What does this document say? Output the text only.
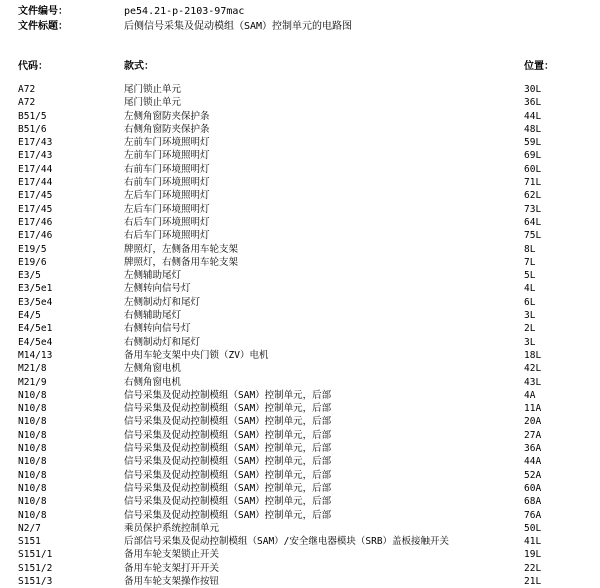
文件编号：	pe54.21-p-2103-97mac
文件标题：	后侧信号采集及促动模组（SAM）控制单元的电路图
代码：	款式：	位置：
A72	尾门锁止单元	30L
A72	尾门锁止单元	36L
B51/5	左侧角窗防夹保护条	44L
B51/6	右侧角窗防夹保护条	48L
E17/43	左前车门环境照明灯	59L
E17/43	左前车门环境照明灯	69L
E17/44	右前车门环境照明灯	60L
E17/44	右前车门环境照明灯	71L
E17/45	左后车门环境照明灯	62L
E17/45	左后车门环境照明灯	73L
E17/46	右后车门环境照明灯	64L
E17/46	右后车门环境照明灯	75L
E19/5	牌照灯，左侧备用车轮支架	8L
E19/6	牌照灯，右侧备用车轮支架	7L
E3/5	左侧辅助尾灯	5L
E3/5e1	左侧转向信号灯	4L
E3/5e4	左侧制动灯和尾灯	6L
E4/5	右侧辅助尾灯	3L
E4/5e1	右侧转向信号灯	2L
E4/5e4	右侧制动灯和尾灯	3L
M14/13	备用车轮支架中央门锁（ZV）电机	18L
M21/8	左侧角窗电机	42L
M21/9	右侧角窗电机	43L
N10/8	信号采集及促动控制模组（SAM）控制单元，后部	4A
N10/8	信号采集及促动控制模组（SAM）控制单元，后部	11A
N10/8	信号采集及促动控制模组（SAM）控制单元，后部	20A
N10/8	信号采集及促动控制模组（SAM）控制单元，后部	27A
N10/8	信号采集及促动控制模组（SAM）控制单元，后部	36A
N10/8	信号采集及促动控制模组（SAM）控制单元，后部	44A
N10/8	信号采集及促动控制模组（SAM）控制单元，后部	52A
N10/8	信号采集及促动控制模组（SAM）控制单元，后部	60A
N10/8	信号采集及促动控制模组（SAM）控制单元，后部	68A
N10/8	信号采集及促动控制模组（SAM）控制单元，后部	76A
N2/7	乘员保护系统控制单元	50L
S151	后部信号采集及促动控制模组（SAM）/安全继电器模块（SRB）盖板接触开关	41L
S151/1	备用车轮支架锁止开关	19L
S151/2	备用车轮支架打开开关	22L
S151/3	备用车轮支架操作按钮	21L
